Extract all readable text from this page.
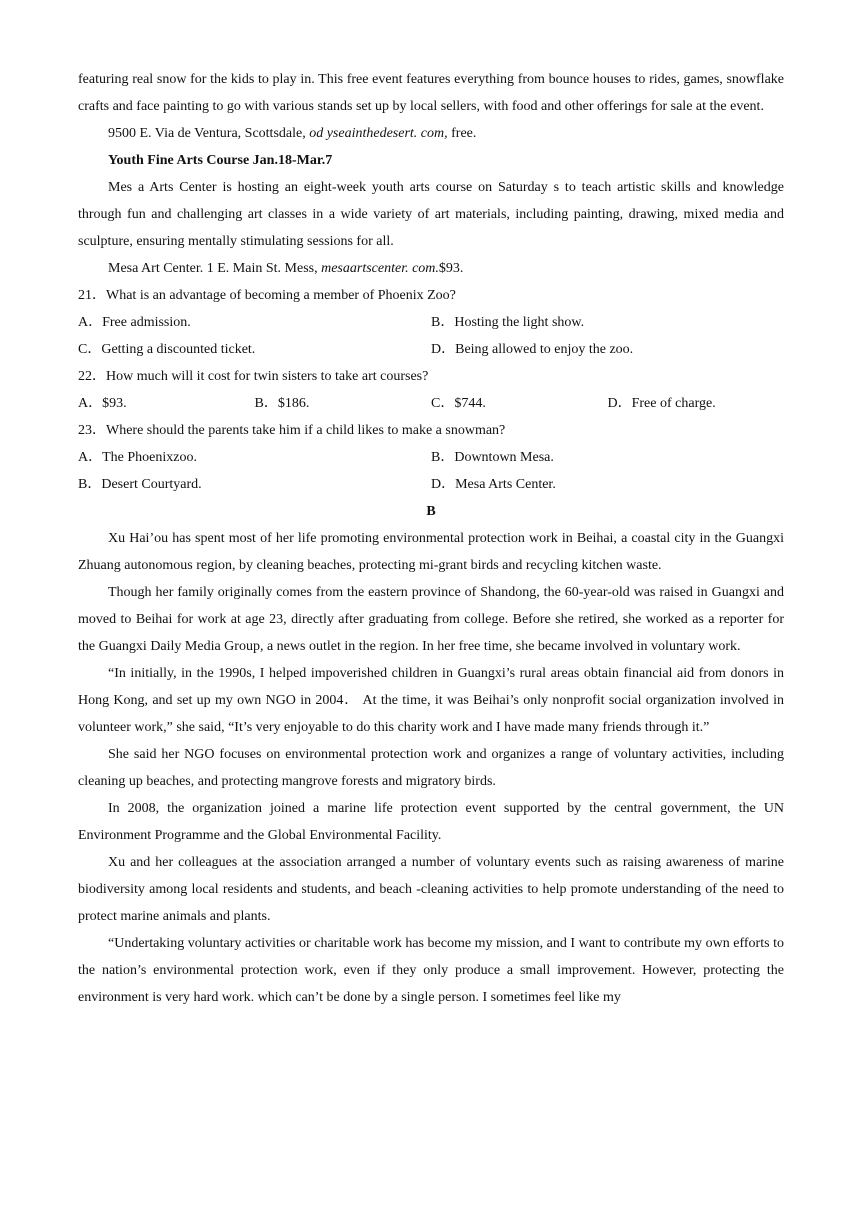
featuring real snow for the kids to play in. This free event features everything from bounce houses to rides, games, snowflake crafts and face painting to go with various stands set up by local sellers, with food and other offerings for sale at the event.

9500 E. Via de Ventura, Scottsdale, od yseainthedesert. com, free.

Youth Fine Arts Course Jan.18-Mar.7

Mes a Arts Center is hosting an eight-week youth arts course on Saturday s to teach artistic skills and knowledge through fun and challenging art classes in a wide variety of art materials, including painting, drawing, mixed media and sculpture, ensuring mentally stimulating sessions for all.

Mesa Art Center. 1 E. Main St. Mess, mesaartscenter. com.$93.

21．What is an advantage of becoming a member of Phoenix Zoo?

A．Free admission.	B．Hosting the light show.
C．Getting a discounted ticket.	D．Being allowed to enjoy the zoo.

22．How much will it cost for twin sisters to take art courses?

A．$93.	B．$186.	C．$744.	D．Free of charge.

23．Where should the parents take him if a child likes to make a snowman?

A．The Phoenixzoo.	B．Downtown Mesa.
B．Desert Courtyard.	D．Mesa Arts Center.

B

Xu Hai’ou has spent most of her life promoting environmental protection work in Beihai, a coastal city in the Guangxi Zhuang autonomous region, by cleaning beaches, protecting mi-grant birds and recycling kitchen waste.

Though her family originally comes from the eastern province of Shandong, the 60-year-old was raised in Guangxi and moved to Beihai for work at age 23, directly after graduating from college. Before she retired, she worked as a reporter for the Guangxi Daily Media Group, a news outlet in the region. In her free time, she became involved in voluntary work.

“In initially, in the 1990s, I helped impoverished children in Guangxi’s rural areas obtain financial aid from donors in Hong Kong, and set up my own NGO in 2004． At the time, it was Beihai’s only nonprofit social organization involved in volunteer work,” she said, “It’s very enjoyable to do this charity work and I have made many friends through it.”

She said her NGO focuses on environmental protection work and organizes a range of voluntary activities, including cleaning up beaches, and protecting mangrove forests and migratory birds.

In 2008, the organization joined a marine life protection event supported by the central government, the UN Environment Programme and the Global Environmental Facility.

Xu and her colleagues at the association arranged a number of voluntary events such as raising awareness of marine biodiversity among local residents and students, and beach -cleaning activities to help promote understanding of the need to protect marine animals and plants.

“Undertaking voluntary activities or charitable work has become my mission, and I want to contribute my own efforts to the nation’s environmental protection work, even if they only produce a small improvement. However, protecting the environment is very hard work. which can’t be done by a single person. I sometimes feel like my
